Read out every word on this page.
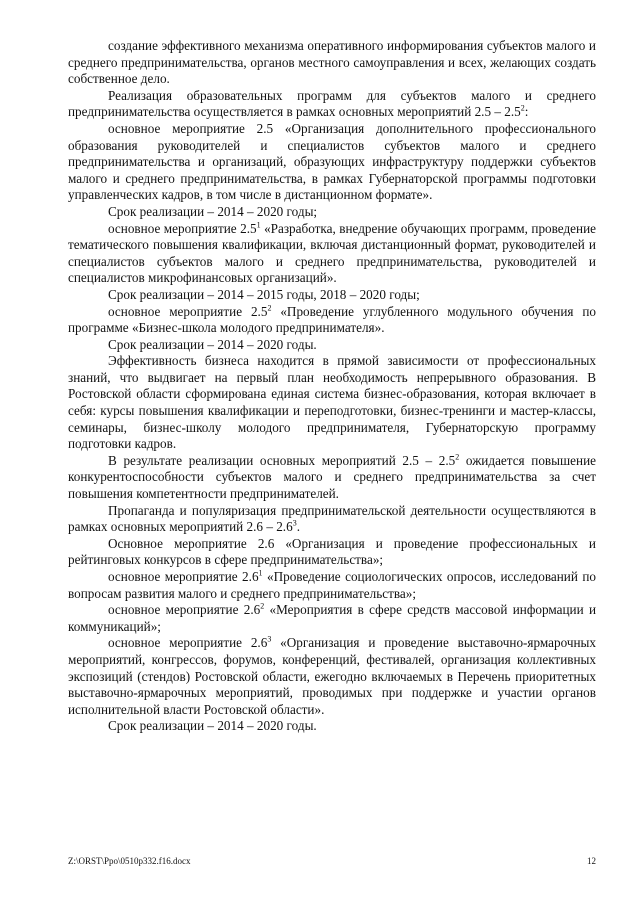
создание эффективного механизма оперативного информирования субъектов малого и среднего предпринимательства, органов местного самоуправления и всех, желающих создать собственное дело.

Реализация образовательных программ для субъектов малого и среднего предпринимательства осуществляется в рамках основных мероприятий $2.5 - 2.5^2$:

основное мероприятие 2.5 «Организация дополнительного профессионального образования руководителей и специалистов субъектов малого и среднего предпринимательства и организаций, образующих инфраструктуру поддержки субъектов малого и среднего предпринимательства, в рамках Губернаторской программы подготовки управленческих кадров, в том числе в дистанционном формате».

Срок реализации – 2014 – 2020 годы;

основное мероприятие $2.5^1$ «Разработка, внедрение обучающих программ, проведение тематического повышения квалификации, включая дистанционный формат, руководителей и специалистов субъектов малого и среднего предпринимательства, руководителей и специалистов микрофинансовых организаций».

Срок реализации – 2014 – 2015 годы, 2018 – 2020 годы;

основное мероприятие $2.5^2$ «Проведение углубленного модульного обучения по программе «Бизнес-школа молодого предпринимателя».

Срок реализации – 2014 – 2020 годы.

Эффективность бизнеса находится в прямой зависимости от профессиональных знаний, что выдвигает на первый план необходимость непрерывного образования. В Ростовской области сформирована единая система бизнес-образования, которая включает в себя: курсы повышения квалификации и переподготовки, бизнес-тренинги и мастер-классы, семинары, бизнес-школу молодого предпринимателя, Губернаторскую программу подготовки кадров.

В результате реализации основных мероприятий $2.5 - 2.5^2$ ожидается повышение конкурентоспособности субъектов малого и среднего предпринимательства за счет повышения компетентности предпринимателей.

Пропаганда и популяризация предпринимательской деятельности осуществляются в рамках основных мероприятий $2.6 - 2.6^3$.

Основное мероприятие 2.6 «Организация и проведение профессиональных и рейтинговых конкурсов в сфере предпринимательства»;

основное мероприятие $2.6^1$ «Проведение социологических опросов, исследований по вопросам развития малого и среднего предпринимательства»;

основное мероприятие $2.6^2$ «Мероприятия в сфере средств массовой информации и коммуникаций»;

основное мероприятие $2.6^3$ «Организация и проведение выставочно-ярмарочных мероприятий, конгрессов, форумов, конференций, фестивалей, организация коллективных экспозиций (стендов) Ростовской области, ежегодно включаемых в Перечень приоритетных выставочно-ярмарочных мероприятий, проводимых при поддержке и участии органов исполнительной власти Ростовской области».

Срок реализации – 2014 – 2020 годы.

Z:\ORST\Ppo\0510p332.f16.docx	12
